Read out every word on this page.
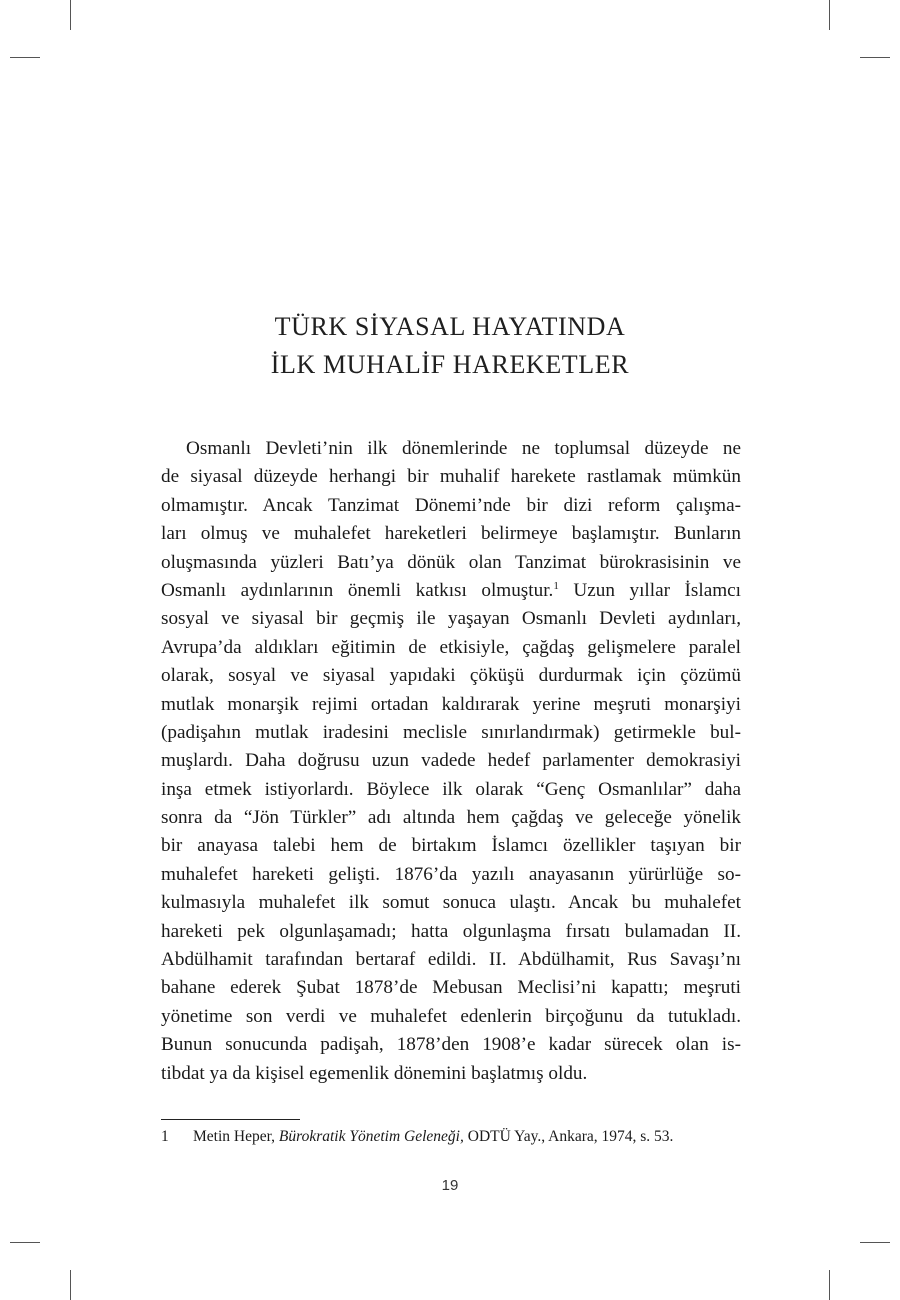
TÜRK SİYASAL HAYATINDA
İLK MUHALİF HAREKETLER
Osmanlı Devleti’nin ilk dönemlerinde ne toplumsal düzeyde ne
de siyasal düzeyde herhangi bir muhalif harekete rastlamak mümkün
olmamıştır. Ancak Tanzimat Dönemi’nde bir dizi reform çalışma-
ları olmuş ve muhalefet hareketleri belirmeye başlamıştır. Bunların
oluşmasında yüzleri Batı’ya dönük olan Tanzimat bürokrasisinin ve
Osmanlı aydınlarının önemli katkısı olmuştur.$^1$ Uzun yıllar İslamcı
sosyal ve siyasal bir geçmiş ile yaşayan Osmanlı Devleti aydınları,
Avrupa’da aldıkları eğitimin de etkisiyle, çağdaş gelişmelere paralel
olarak, sosyal ve siyasal yapıdaki çöküşü durdurmak için çözümü
mutlak monarşik rejimi ortadan kaldırarak yerine meşruti monarşiyi
(padişahın mutlak iradesini meclisle sınırlandırmak) getirmekle bul-
muşlardı. Daha doğrusu uzun vadede hedef parlamenter demokrasiyi
inşa etmek istiyorlardı. Böylece ilk olarak “Genç Osmanlılar” daha
sonra da “Jön Türkler” adı altında hem çağdaş ve geleceğe yönelik
bir anayasa talebi hem de birtakım İslamcı özellikler taşıyan bir
muhalefet hareketi gelişti. 1876’da yazılı anayasanın yürürlüğe so-
kulmasıyla muhalefet ilk somut sonuca ulaştı. Ancak bu muhalefet
hareketi pek olgunlaşamadı; hatta olgunlaşma fırsatı bulamadan II.
Abdülhamit tarafından bertaraf edildi. II. Abdülhamit, Rus Savaşı’nı
bahane ederek Şubat 1878’de Mebusan Meclisi’ni kapattı; meşruti
yönetime son verdi ve muhalefet edenlerin birçoğunu da tutukladı.
Bunun sonucunda padişah, 1878’den 1908’e kadar sürecek olan is-
tibdat ya da kişisel egemenlik dönemini başlatmış oldu.
1 Metin Heper, Bürokratik Yönetim Geleneği, ODTÜ Yay., Ankara, 1974, s. 53.
19
